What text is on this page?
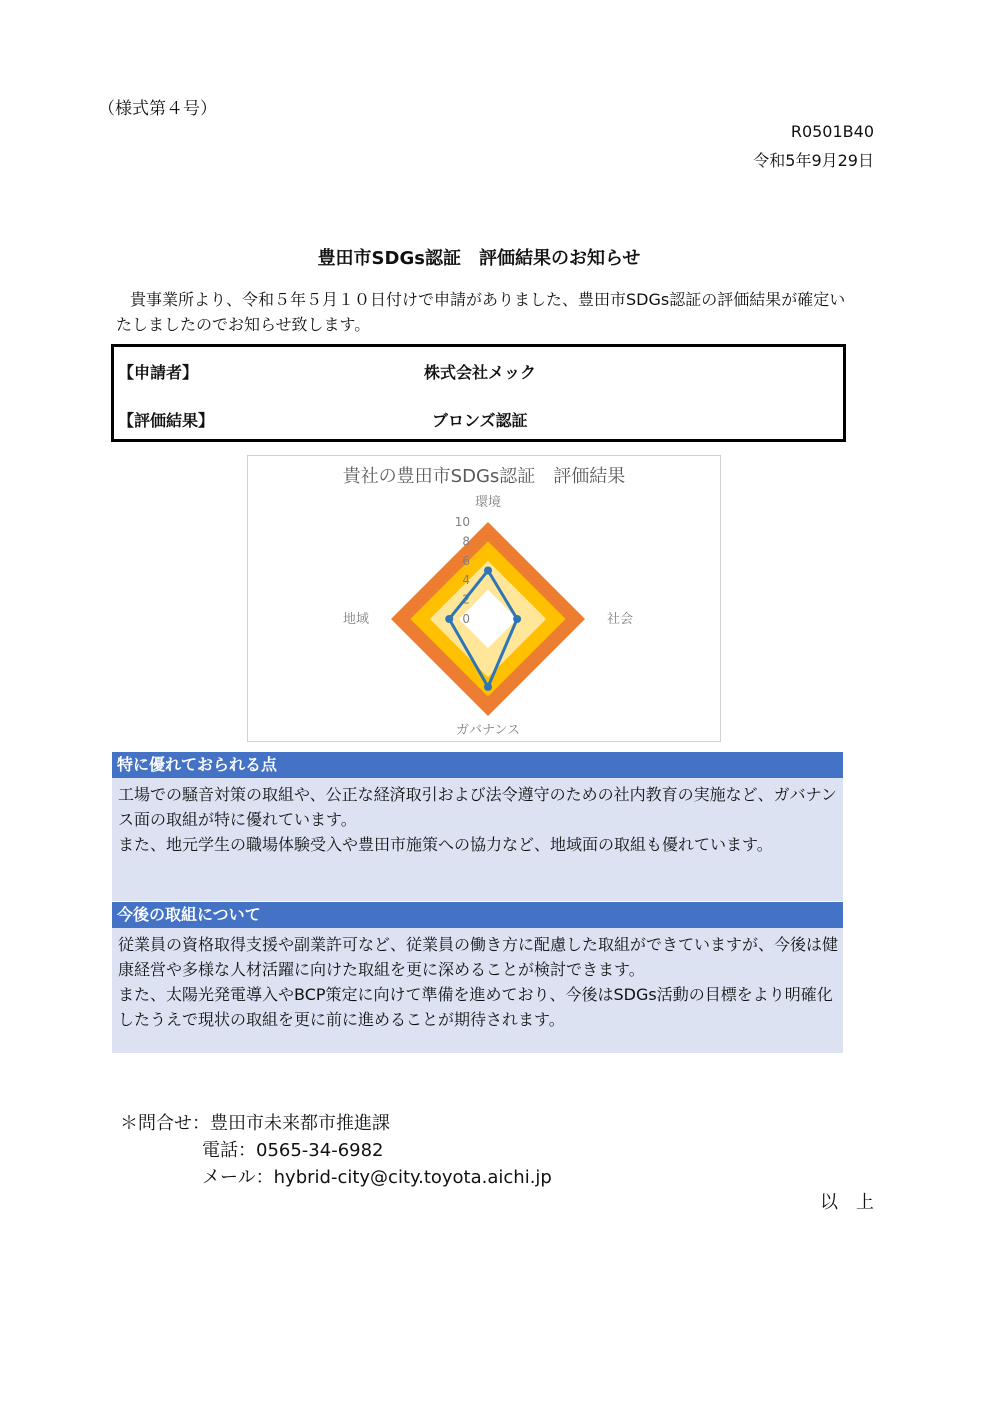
（様式第４号）
R0501B40
令和5年9月29日
豊田市SDGs認証　評価結果のお知らせ
貴事業所より、令和５年５月１０日付けで申請がありました、豊田市SDGs認証の評価結果が確定いたしましたのでお知らせ致します。
【申請者】	株式会社メック
【評価結果】	ブロンズ認証
貴社の豊田市SDGs認証　評価結果
0
2
4
6
8
10
環境
社会
ガバナンス
地域
特に優れておられる点
工場での騒音対策の取組や、公正な経済取引および法令遵守のための社内教育の実施など、ガバナンス面の取組が特に優れています。
また、地元学生の職場体験受入や豊田市施策への協力など、地域面の取組も優れています。
今後の取組について
従業員の資格取得支援や副業許可など、従業員の働き方に配慮した取組ができていますが、今後は健康経営や多様な人材活躍に向けた取組を更に深めることが検討できます。
また、太陽光発電導入やBCP策定に向けて準備を進めており、今後はSDGs活動の目標をより明確化したうえで現状の取組を更に前に進めることが期待されます。
＊問合せ：豊田市未来都市推進課
電話：0565-34-6982
メール：hybrid-city@city.toyota.aichi.jp
以　上
